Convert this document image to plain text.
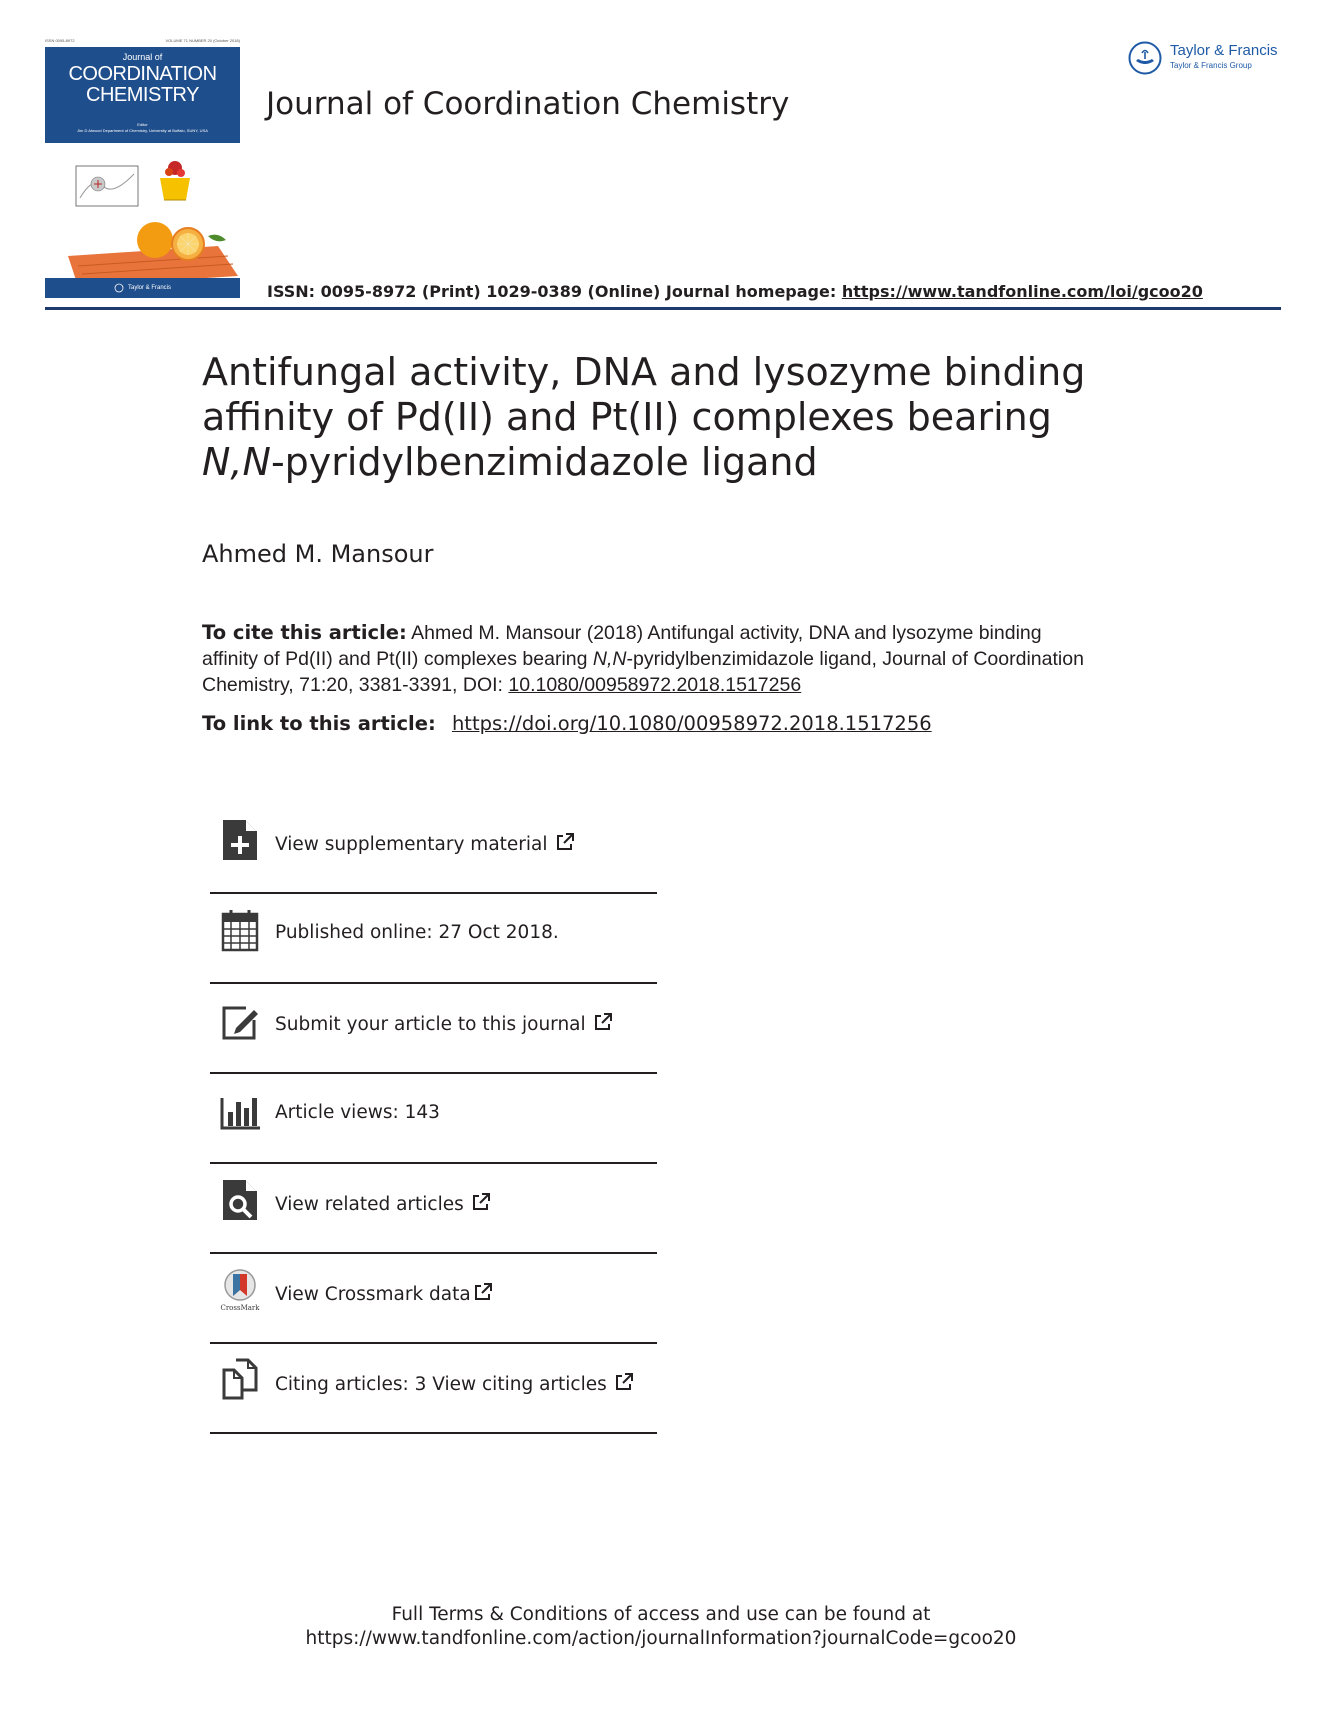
ISSN 0095-8972	VOLUME 71 NUMBER 20 (October 2018)
Journal of
COORDINATION
CHEMISTRY
Editor
Jim D Atwood Department of Chemistry, University at Buffalo, SUNY, USA
Taylor & Francis
Journal of Coordination Chemistry
Taylor & Francis
Taylor & Francis Group
ISSN: 0095-8972 (Print) 1029-0389 (Online) Journal homepage: https://www.tandfonline.com/loi/gcoo20
Antifungal activity, DNA and lysozyme binding affinity of Pd(II) and Pt(II) complexes bearing N,N-pyridylbenzimidazole ligand
Ahmed M. Mansour
To cite this article: Ahmed M. Mansour (2018) Antifungal activity, DNA and lysozyme binding affinity of Pd(II) and Pt(II) complexes bearing N,N-pyridylbenzimidazole ligand, Journal of Coordination Chemistry, 71:20, 3381-3391, DOI: 10.1080/00958972.2018.1517256
To link to this article: https://doi.org/10.1080/00958972.2018.1517256
View supplementary material
Published online: 27 Oct 2018.
Submit your article to this journal
Article views: 143
View related articles
CrossMark
View Crossmark data
Citing articles: 3 View citing articles
Full Terms & Conditions of access and use can be found at
https://www.tandfonline.com/action/journalInformation?journalCode=gcoo20
